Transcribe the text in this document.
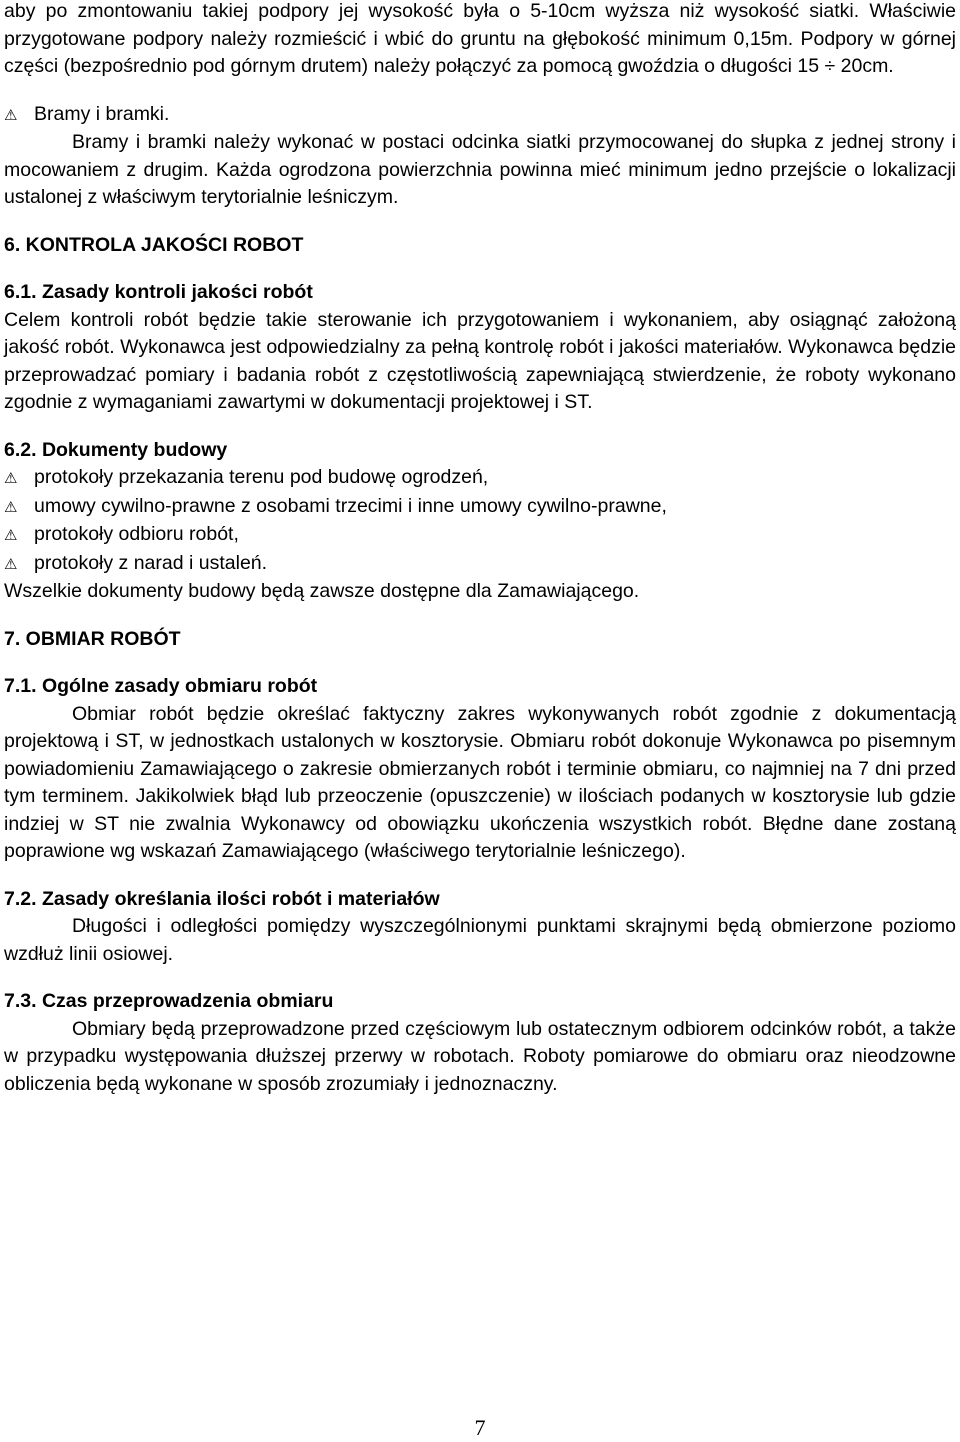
aby po zmontowaniu takiej podpory jej wysokość była o 5-10cm wyższa niż wysokość siatki. Właściwie przygotowane podpory należy rozmieścić i wbić do gruntu na głębokość minimum 0,15m. Podpory w górnej części (bezpośrednio pod górnym drutem) należy połączyć za pomocą gwoździa o długości 15 ÷ 20cm.

⚠ Bramy i bramki.

Bramy i bramki należy wykonać w postaci odcinka siatki przymocowanej do słupka z jednej strony i mocowaniem z drugim. Każda ogrodzona powierzchnia powinna mieć minimum jedno przejście o lokalizacji ustalonej z właściwym terytorialnie leśniczym.

6. KONTROLA JAKOŚCI ROBOT
6.1. Zasady kontroli jakości robót

Celem kontroli robót będzie takie sterowanie ich przygotowaniem i wykonaniem, aby osiągnąć założoną jakość robót. Wykonawca jest odpowiedzialny za pełną kontrolę robót i jakości materiałów. Wykonawca będzie przeprowadzać pomiary i badania robót z częstotliwością zapewniającą stwierdzenie, że roboty wykonano zgodnie z wymaganiami zawartymi w dokumentacji projektowej i ST.

6.2. Dokumenty budowy
⚠ protokoły przekazania terenu pod budowę ogrodzeń,
⚠ umowy cywilno-prawne z osobami trzecimi i inne umowy cywilno-prawne,
⚠ protokoły odbioru robót,
⚠ protokoły z narad i ustaleń.

Wszelkie dokumenty budowy będą zawsze dostępne dla Zamawiającego.

7. OBMIAR ROBÓT
7.1. Ogólne zasady obmiaru robót

Obmiar robót będzie określać faktyczny zakres wykonywanych robót zgodnie z dokumentacją projektową i ST, w jednostkach ustalonych w kosztorysie. Obmiaru robót dokonuje Wykonawca po pisemnym powiadomieniu Zamawiającego o zakresie obmierzanych robót i terminie obmiaru, co najmniej na 7 dni przed tym terminem. Jakikolwiek błąd lub przeoczenie (opuszczenie) w ilościach podanych w kosztorysie lub gdzie indziej w ST nie zwalnia Wykonawcy od obowiązku ukończenia wszystkich robót. Błędne dane zostaną poprawione wg wskazań Zamawiającego (właściwego terytorialnie leśniczego).

7.2. Zasady określania ilości robót i materiałów

Długości i odległości pomiędzy wyszczególnionymi punktami skrajnymi będą obmierzone poziomo wzdłuż linii osiowej.

7.3. Czas przeprowadzenia obmiaru

Obmiary będą przeprowadzone przed częściowym lub ostatecznym odbiorem odcinków robót, a także w przypadku występowania dłuższej przerwy w robotach. Roboty pomiarowe do obmiaru oraz nieodzowne obliczenia będą wykonane w sposób zrozumiały i jednoznaczny.

7
